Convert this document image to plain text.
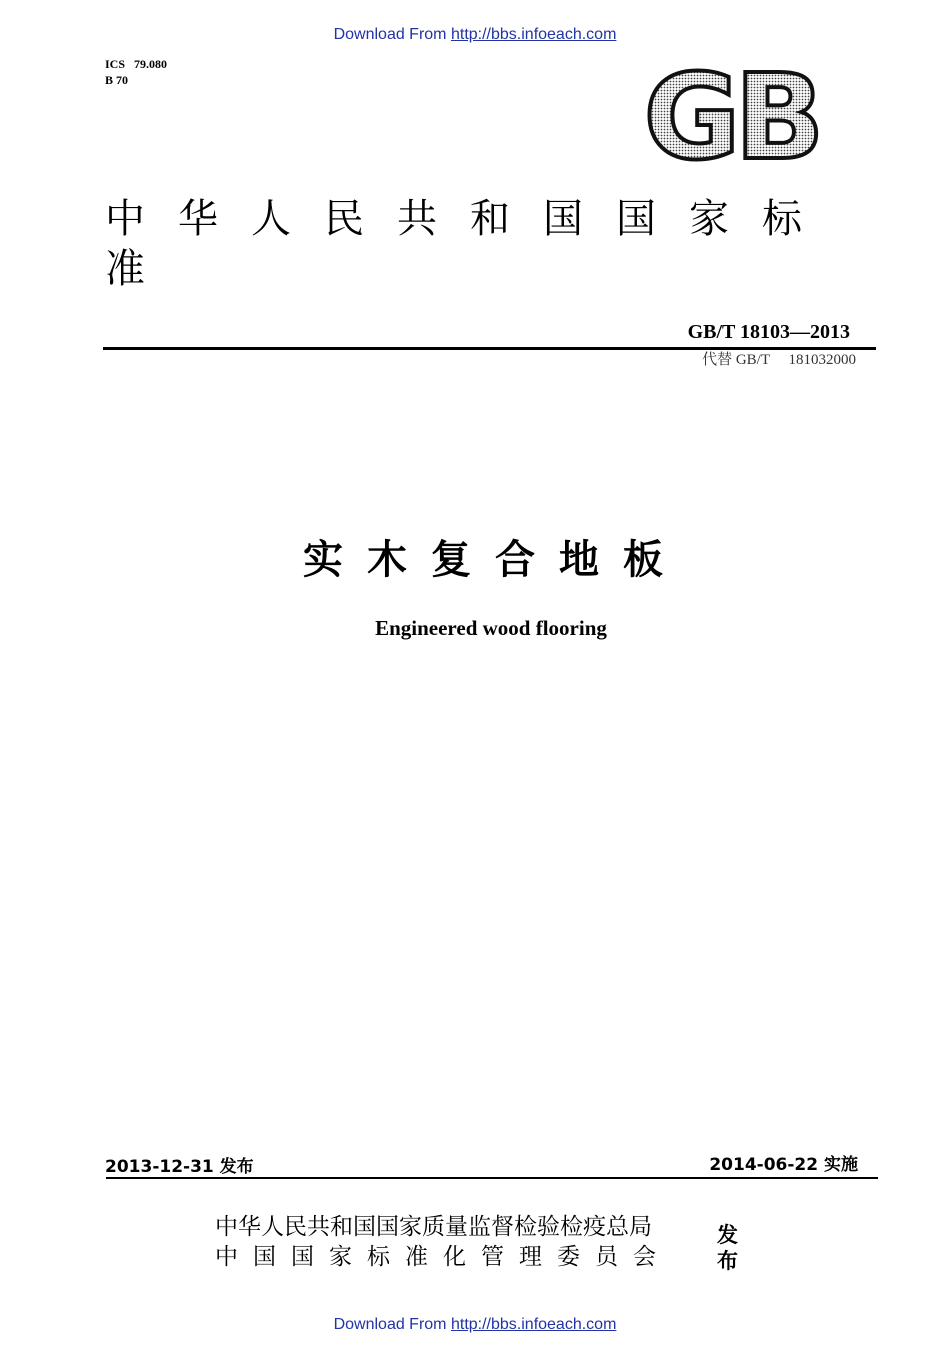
Download From http://bbs.infoeach.com
ICS 79.080
B 70	GB
中华人民共和国国家标准
GB/T 18103—2013
代替 GB/T 181032000
实木复合地板
Engineered wood flooring
2013-12-31 发布	2014-06-22 实施
中华人民共和国国家质量监督检验检疫总局
中国国家标准化管理委员会
发布
Download From http://bbs.infoeach.com
